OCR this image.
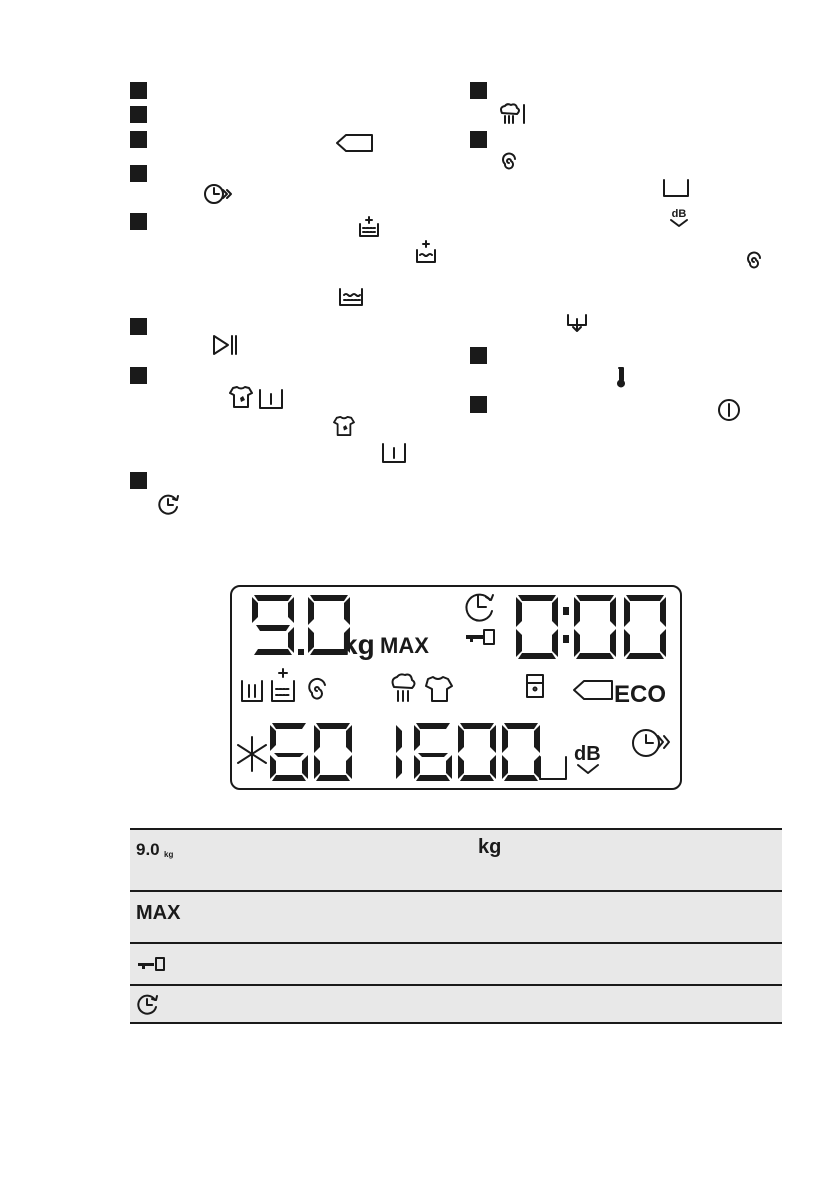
dB
kg MAX
ECO
dB
9.0 kg	kg
MAX
